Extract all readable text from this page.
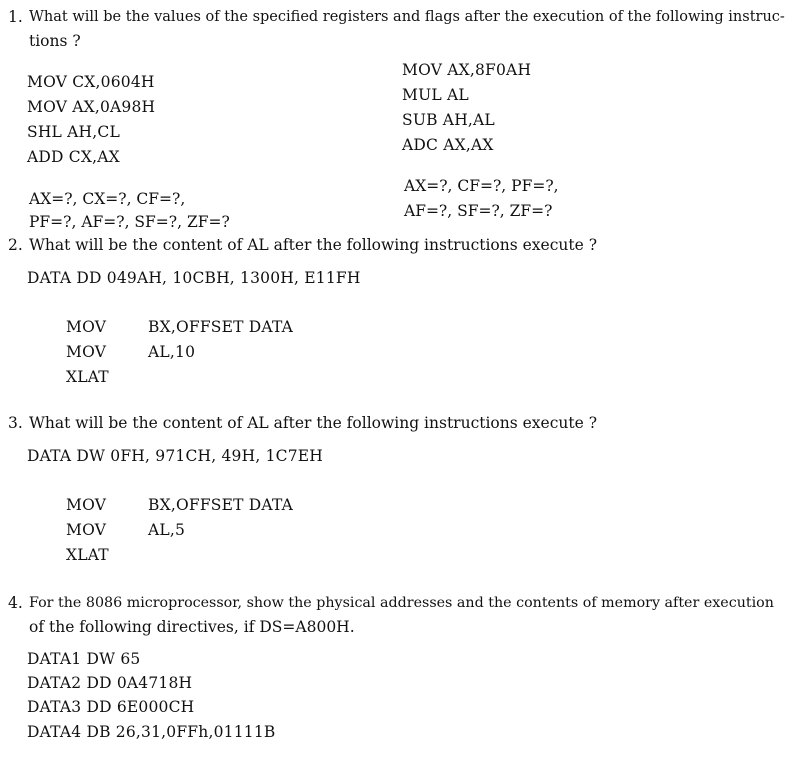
1. What will be the values of the specified registers and flags after the execution of the following instruc-
tions ?
MOV CX,0604H
MOV AX,0A98H
SHL AH,CL
ADD CX,AX
MOV AX,8F0AH
MUL AL
SUB AH,AL
ADC AX,AX
AX=?, CX=?, CF=?,
PF=?, AF=?, SF=?, ZF=?
AX=?, CF=?, PF=?,
AF=?, SF=?, ZF=?
2. What will be the content of AL after the following instructions execute ?
DATA DD 049AH, 10CBH, 1300H, E11FH
MOV	BX,OFFSET DATA
MOV	AL,10
XLAT
3. What will be the content of AL after the following instructions execute ?
DATA DW 0FH, 971CH, 49H, 1C7EH
MOV	BX,OFFSET DATA
MOV	AL,5
XLAT
4. For the 8086 microprocessor, show the physical addresses and the contents of memory after execution
of the following directives, if DS=A800H.
DATA1 DW 65
DATA2 DD 0A4718H
DATA3 DD 6E000CH
DATA4 DB 26,31,0FFh,01111B
